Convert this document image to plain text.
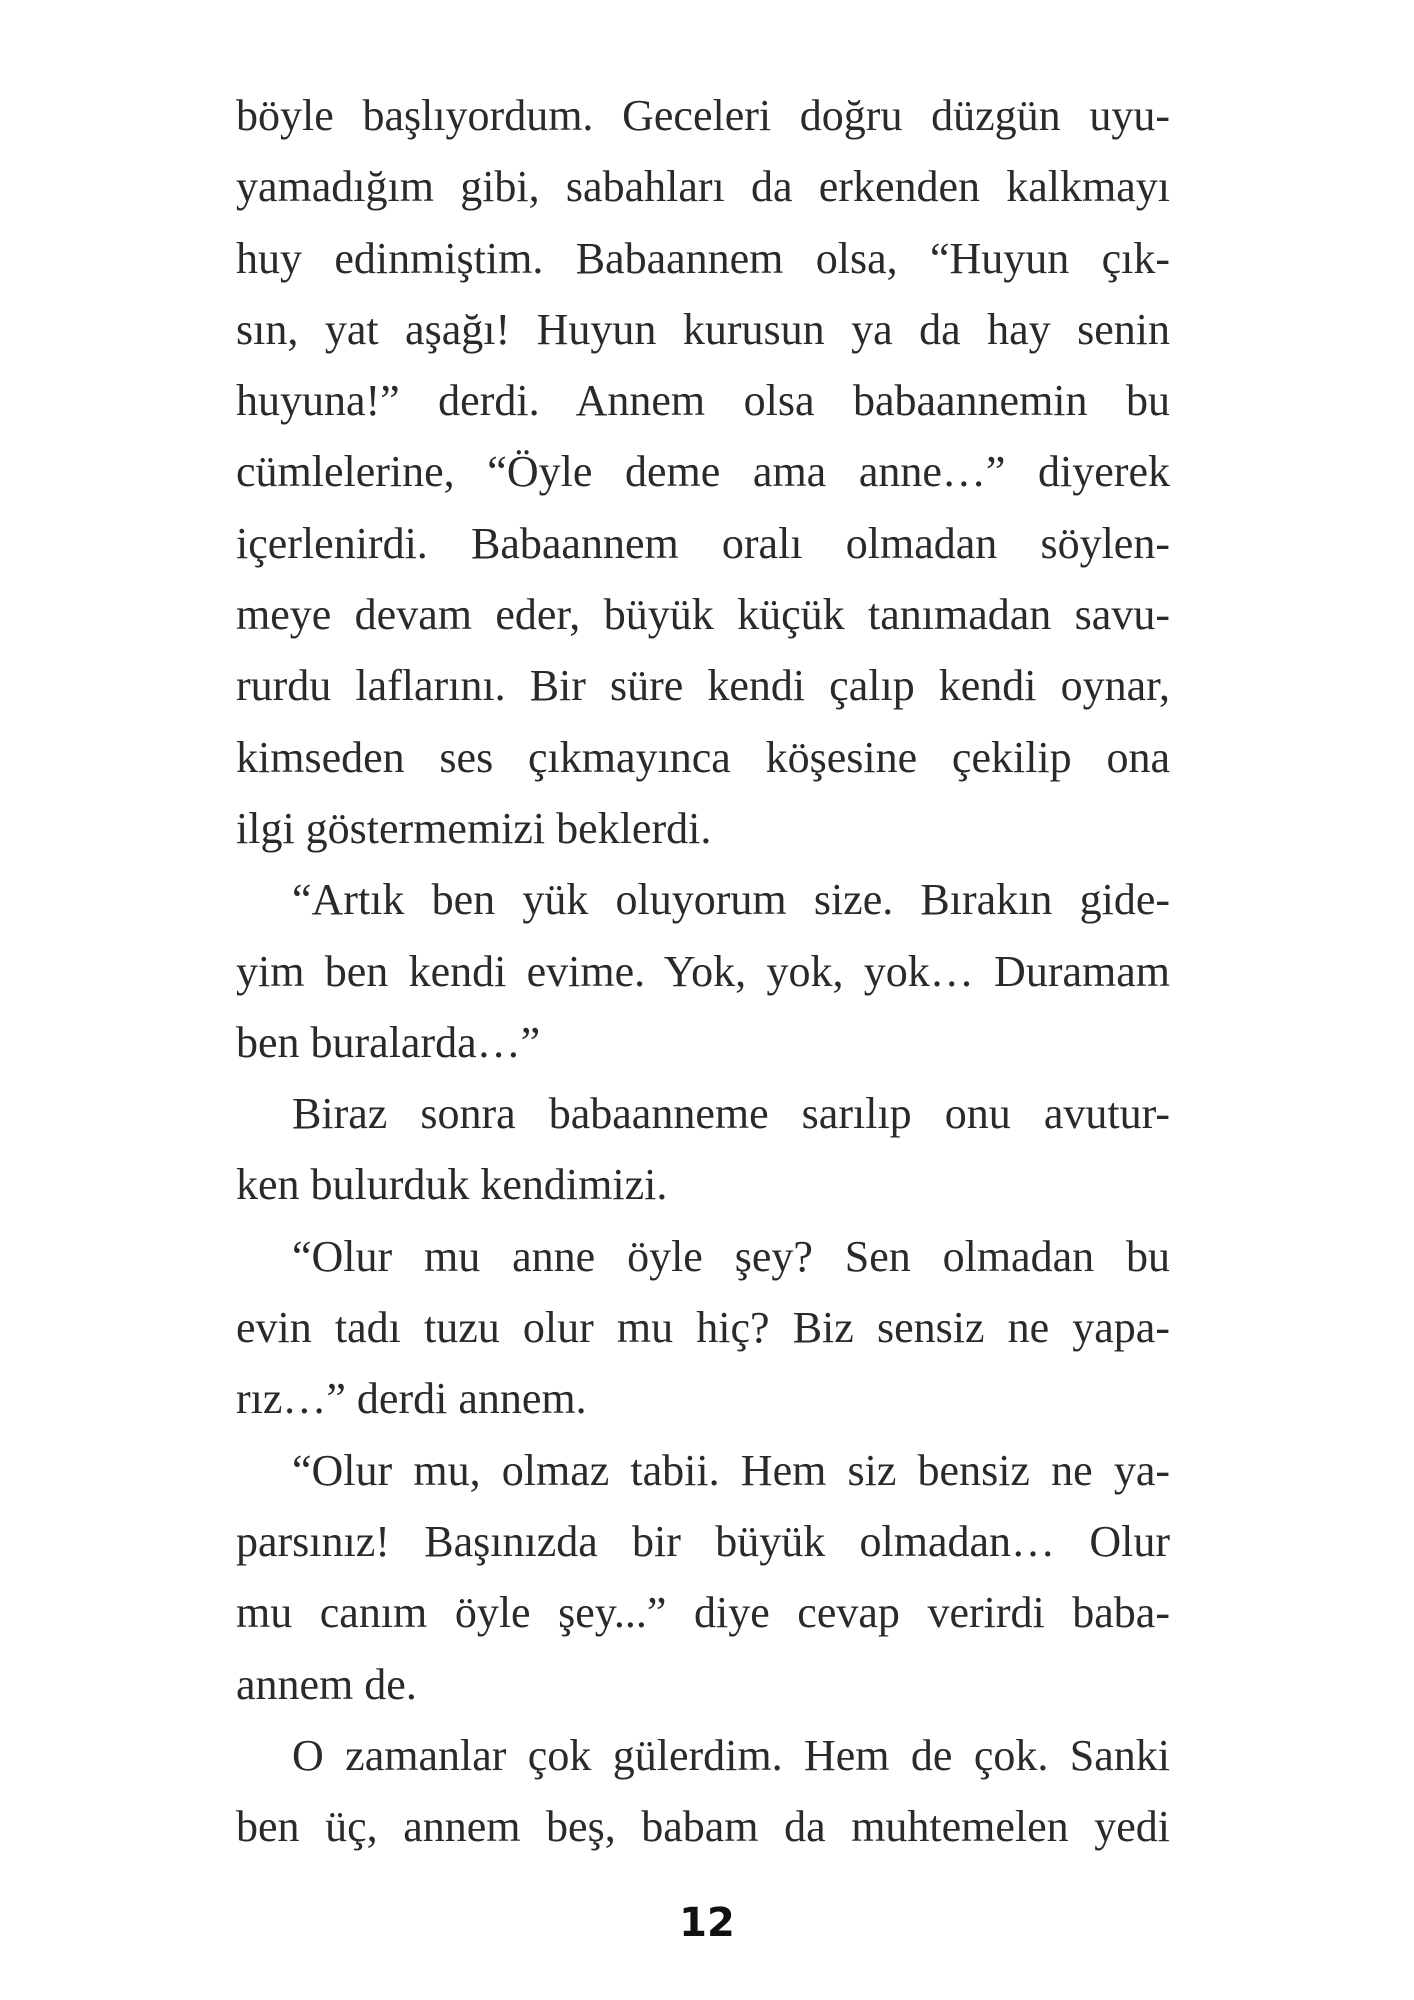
böyle başlıyordum. Geceleri doğru düzgün uyu-
yamadığım gibi, sabahları da erkenden kalkmayı
huy edinmiştim. Babaannem olsa, “Huyun çık-
sın, yat aşağı! Huyun kurusun ya da hay senin
huyuna!” derdi. Annem olsa babaannemin bu
cümlelerine, “Öyle deme ama anne…” diyerek
içerlenirdi. Babaannem oralı olmadan söylen-
meye devam eder, büyük küçük tanımadan savu-
rurdu laflarını. Bir süre kendi çalıp kendi oynar,
kimseden ses çıkmayınca köşesine çekilip ona
ilgi göstermemizi beklerdi.
“Artık ben yük oluyorum size. Bırakın gide-
yim ben kendi evime. Yok, yok, yok… Duramam
ben buralarda…”
Biraz sonra babaanneme sarılıp onu avutur-
ken bulurduk kendimizi.
“Olur mu anne öyle şey? Sen olmadan bu
evin tadı tuzu olur mu hiç? Biz sensiz ne yapa-
rız…” derdi annem.
“Olur mu, olmaz tabii. Hem siz bensiz ne ya-
parsınız! Başınızda bir büyük olmadan… Olur
mu canım öyle şey...” diye cevap verirdi baba-
annem de.
O zamanlar çok gülerdim. Hem de çok. Sanki
ben üç, annem beş, babam da muhtemelen yedi
12
